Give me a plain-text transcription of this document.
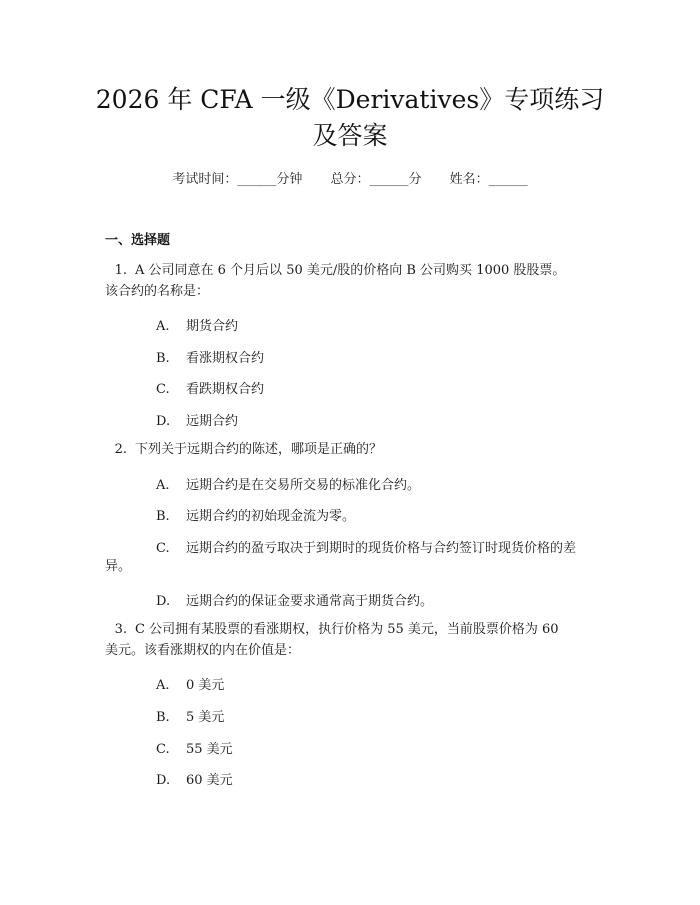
2026 年 CFA 一级《Derivatives》专项练习
及答案
考试时间：______分钟 总分：______分 姓名：______
一、选择题
1. A 公司同意在 6 个月后以 50 美元/股的价格向 B 公司购买 1000 股股票。
该合约的名称是：
A. 期货合约
B. 看涨期权合约
C. 看跌期权合约
D. 远期合约
2. 下列关于远期合约的陈述，哪项是正确的？
A. 远期合约是在交易所交易的标准化合约。
B. 远期合约的初始现金流为零。
C. 远期合约的盈亏取决于到期时的现货价格与合约签订时现货价格的差
异。
D. 远期合约的保证金要求通常高于期货合约。
3. C 公司拥有某股票的看涨期权，执行价格为 55 美元，当前股票价格为 60
美元。该看涨期权的内在价值是：
A. 0 美元
B. 5 美元
C. 55 美元
D. 60 美元
